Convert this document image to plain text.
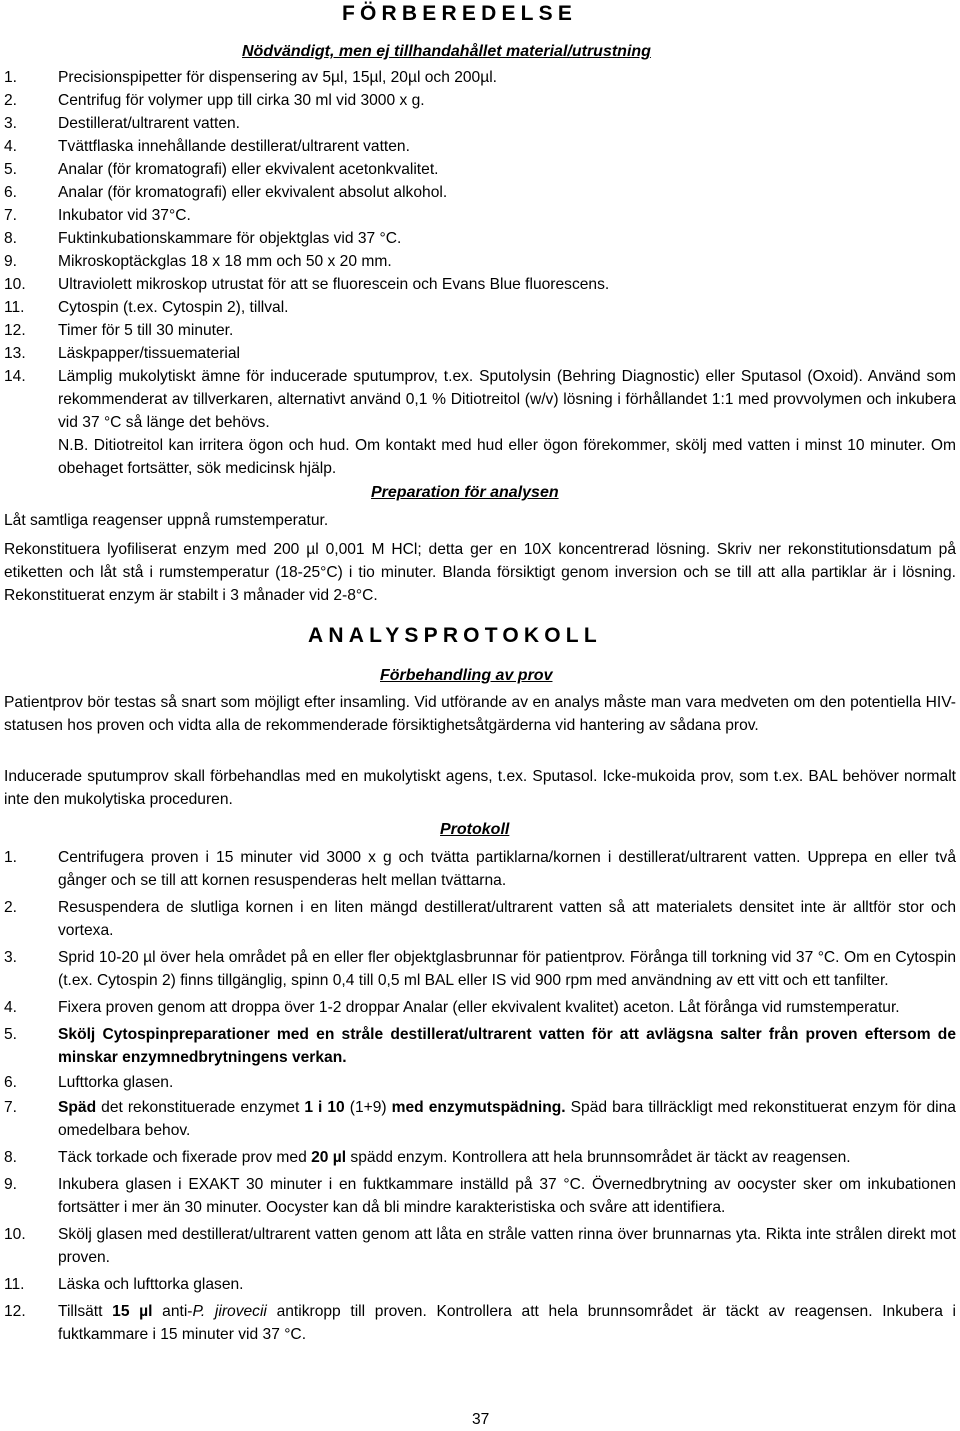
FÖRBEREDELSE
Nödvändigt, men ej tillhandahållet material/utrustning
1.	Precisionspipetter för dispensering av 5µl, 15µl, 20µl och 200µl.
2.	Centrifug för volymer upp till cirka 30 ml vid 3000 x g.
3.	Destillerat/ultrarent vatten.
4.	Tvättflaska innehållande destillerat/ultrarent vatten.
5.	Analar (för kromatografi) eller ekvivalent acetonkvalitet.
6.	Analar (för kromatografi) eller ekvivalent absolut alkohol.
7.	Inkubator vid 37°C.
8.	Fuktinkubationskammare för objektglas vid 37 °C.
9.	Mikroskoptäckglas 18 x 18 mm och 50 x 20 mm.
10. Ultraviolett mikroskop utrustat för att se fluorescein och Evans Blue fluorescens.
11. Cytospin (t.ex. Cytospin 2), tillval.
12. Timer för 5 till 30 minuter.
13. Läskpapper/tissuematerial
14. Lämplig mukolytiskt ämne för inducerade sputumprov, t.ex. Sputolysin (Behring Diagnostic) eller Sputasol (Oxoid). Använd som rekommenderat av tillverkaren, alternativt använd 0,1 % Ditiotreitol (w/v) lösning i förhållandet 1:1 med provvolymen och inkubera vid 37 °C så länge det behövs.
N.B. Ditiotreitol kan irritera ögon och hud. Om kontakt med hud eller ögon förekommer, skölj med vatten i minst 10 minuter. Om obehaget fortsätter, sök medicinsk hjälp.
Preparation för analysen
Låt samtliga reagenser uppnå rumstemperatur.
Rekonstituera lyofiliserat enzym med 200 µl 0,001 M HCl; detta ger en 10X koncentrerad lösning. Skriv ner rekonstitutionsdatum på etiketten och låt stå i rumstemperatur (18-25°C) i tio minuter. Blanda försiktigt genom inversion och se till att alla partiklar är i lösning. Rekonstituerat enzym är stabilt i 3 månader vid 2-8°C.
ANALYSPROTOKOLL
Förbehandling av prov
Patientprov bör testas så snart som möjligt efter insamling. Vid utförande av en analys måste man vara medveten om den potentiella HIV-statusen hos proven och vidta alla de rekommenderade försiktighetsåtgärderna vid hantering av sådana prov.
Inducerade sputumprov skall förbehandlas med en mukolytiskt agens, t.ex. Sputasol. Icke-mukoida prov, som t.ex. BAL behöver normalt inte den mukolytiska proceduren.
Protokoll
1.	Centrifugera proven i 15 minuter vid 3000 x g och tvätta partiklarna/kornen i destillerat/ultrarent vatten. Upprepa en eller två gånger och se till att kornen resuspenderas helt mellan tvättarna.
2.	Resuspendera de slutliga kornen i en liten mängd destillerat/ultrarent vatten så att materialets densitet inte är alltför stor och vortexa.
3.	Sprid 10-20 µl över hela området på en eller fler objektglasbrunnar för patientprov. Förånga till torkning vid 37 °C. Om en Cytospin (t.ex. Cytospin 2) finns tillgänglig, spinn 0,4 till 0,5 ml BAL eller IS vid 900 rpm med användning av ett vitt och ett tanfilter.
4.	Fixera proven genom att droppa över 1-2 droppar Analar (eller ekvivalent kvalitet) aceton. Låt förånga vid rumstemperatur.
5.	Skölj Cytospinpreparationer med en stråle destillerat/ultrarent vatten för att avlägsna salter från proven eftersom de minskar enzymnedbrytningens verkan.
6.	Lufttorka glasen.
7.	Späd det rekonstituerade enzymet 1 i 10 (1+9) med enzymutspädning. Späd bara tillräckligt med rekonstituerat enzym för dina omedelbara behov.
8.	Täck torkade och fixerade prov med 20 µl spädd enzym. Kontrollera att hela brunnsområdet är täckt av reagensen.
9.	Inkubera glasen i EXAKT 30 minuter i en fuktkammare inställd på 37 °C. Övernedbrytning av oocyster sker om inkubationen fortsätter i mer än 30 minuter. Oocyster kan då bli mindre karakteristiska och svåre att identifiera.
10. Skölj glasen med destillerat/ultrarent vatten genom att låta en stråle vatten rinna över brunnarnas yta. Rikta inte strålen direkt mot proven.
11. Läska och lufttorka glasen.
12. Tillsätt 15 µl anti-P. jirovecii antikropp till proven. Kontrollera att hela brunnsområdet är täckt av reagensen. Inkubera i fuktkammare i 15 minuter vid 37 °C.
37
